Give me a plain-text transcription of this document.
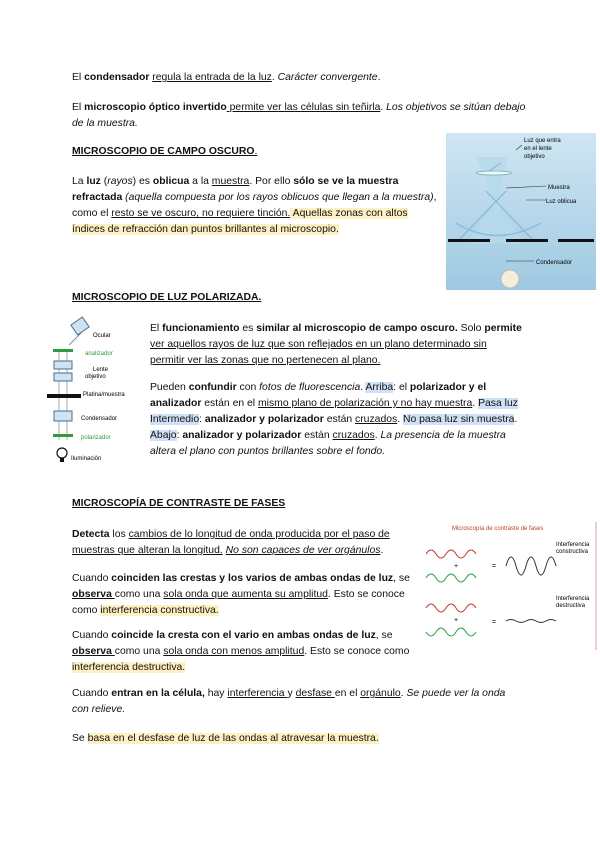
El condensador regula la entrada de la luz. Carácter convergente.
El microscopio óptico invertido permite ver las células sin teñirla. Los objetivos se sitúan debajo de la muestra.
MICROSCOPIO DE CAMPO OSCURO.
La luz (rayos) es oblicua a la muestra. Por ello sólo se ve la muestra refractada (aquella compuesta por los rayos oblicuos que llegan a la muestra), como el resto se ve oscuro, no requiere tinción. Aquellas zonas con altos índices de refracción dan puntos brillantes al microscopio.
Luz que entra
en el lente
objetivo
Muestra
Luz oblicua
Condensador
MICROSCOPIO DE LUZ POLARIZADA.
El funcionamiento es similar al microscopio de campo oscuro. Solo permite ver aquellos rayos de luz que son reflejados en un plano determinado sin permitir ver las zonas que no pertenecen al plano.
Pueden confundir con fotos de fluorescencia. Arriba: el polarizador y el analizador están en el mismo plano de polarización y no hay muestra. Pasa luz Intermedio: analizador y polarizador están cruzados. No pasa luz sin muestra. Abajo: analizador y polarizador están cruzados. La presencia de la muestra altera el plano con puntos brillantes sobre el fondo.
Ocular
analizador
Lente
objetivo
Platina/muestra
Condensador
polarizador
Iluminación
MICROSCOPÍA DE CONTRASTE DE FASES
Detecta los cambios de lo longitud de onda producida por el paso de muestras que alteran la longitud. No son capaces de ver orgánulos.
Cuando coinciden las crestas y los varios de ambas ondas de luz, se observa como una sola onda que aumenta su amplitud. Esto se conoce como interferencia constructiva.
Cuando coincide la cresta con el vario en ambas ondas de luz, se observa como una sola onda con menos amplitud. Esto se conoce como interferencia destructiva.
Cuando entran en la célula, hay interferencia y desfase en el orgánulo. Se puede ver la onda con relieve.
Se basa en el desfase de luz de las ondas al atravesar la muestra.
Microscopía de contraste de fases
+	=
Interferencia
constructiva
+	=
Interferencia
destructiva
